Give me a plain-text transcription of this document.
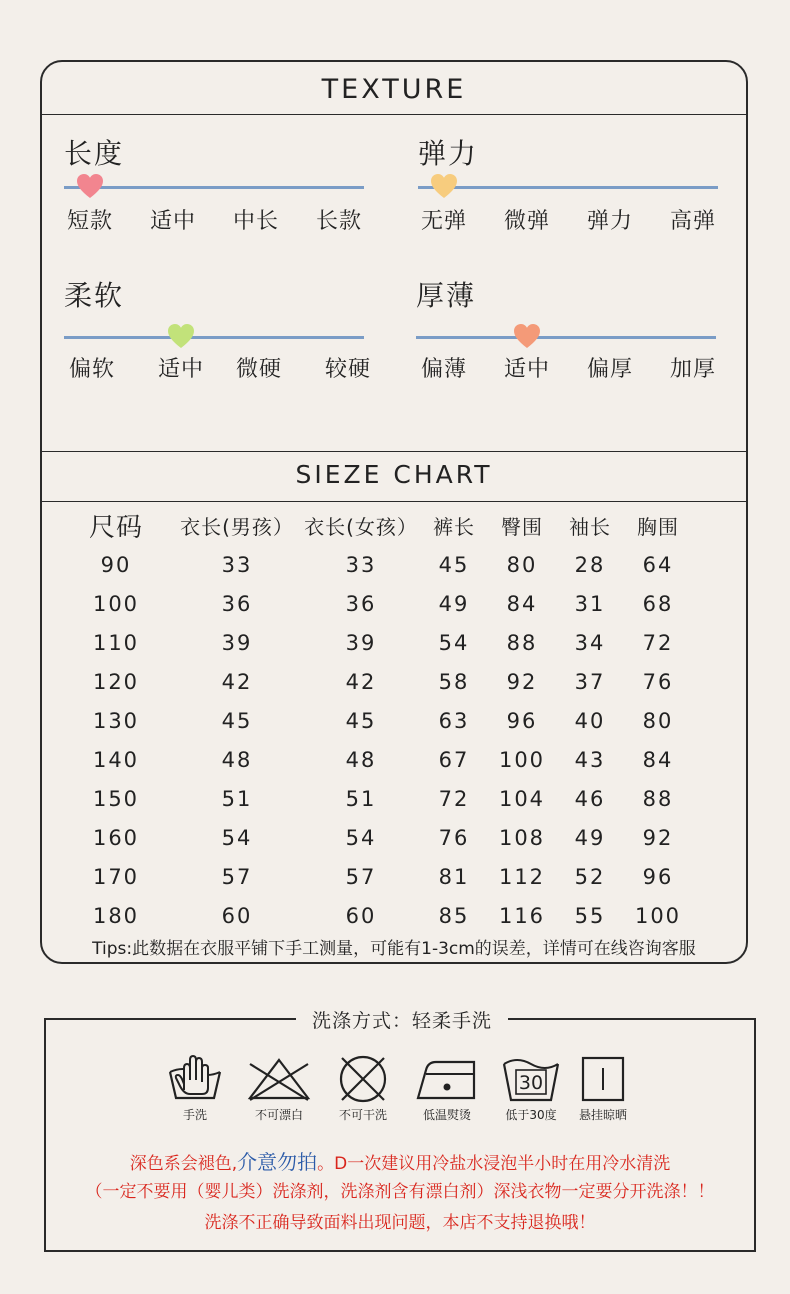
TEXTURE
长度
短款 适中 中长 长款
弹力
无弹 微弹 弹力 高弹
柔软
偏软 适中 微硬 较硬
厚薄
偏薄 适中 偏厚 加厚
SIEZE CHART
Tips:此数据在衣服平铺下手工测量，可能有1-3cm的误差，详情可在线咨询客服
尺码	衣长(男孩）	衣长(女孩）	裤长	臀围	袖长	胸围
90	33	33	45	80	28	64
100	36	36	49	84	31	68
110	39	39	54	88	34	72
120	42	42	58	92	37	76
130	45	45	63	96	40	80
140	48	48	67	100	43	84
150	51	51	72	104	46	88
160	54	54	76	108	49	92
170	57	57	81	112	52	96
180	60	60	85	116	55	100
洗涤方式：轻柔手洗
手洗	不可漂白	不可干洗	低温熨烫
30
低于30度	悬挂晾晒
深色系会褪色,介意勿拍。D一次建议用冷盐水浸泡半小时在用冷水清洗
（一定不要用（婴儿类）洗涤剂，洗涤剂含有漂白剂）深浅衣物一定要分开洗涤！！
洗涤不正确导致面料出现问题，本店不支持退换哦！
